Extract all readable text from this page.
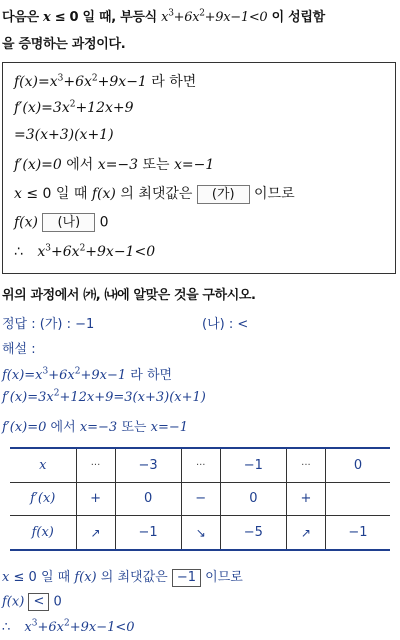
다음은 x ≤ 0 일 때, 부등식 $x^3+6x^2+9x-1<0$ 이 성립함
을 증명하는 과정이다.
$f(x)=x^3+6x^2+9x-1$ 라 하면
$f'(x)=3x^2+12x+9$
=3(x+3)(x+1)
f′(x)=0 에서 x=−3 또는 x=−1
x ≤ 0 일 때 f(x) 의 최댓값은 (가) 이므로
f(x) (나) 0
∴ $x^3+6x^2+9x-1<0$
위의 과정에서 ㈎, ㈏에 알맞은 것을 구하시오.
정답 : (가) : −1	(나) : <
해설 :
$f(x)=x^3+6x^2+9x-1$ 라 하면
$f'(x)=3x^2+12x+9=3(x+3)(x+1)$
f′(x)=0 에서 x=−3 또는 x=−1
x	···	−3	···	−1	···	0
f′(x)	+	0	−	0	+	
f(x)	↗	−1	↘	−5	↗	−1
x ≤ 0 일 때 f(x) 의 최댓값은 −1 이므로
f(x) < 0
∴ $x^3+6x^2+9x-1<0$
